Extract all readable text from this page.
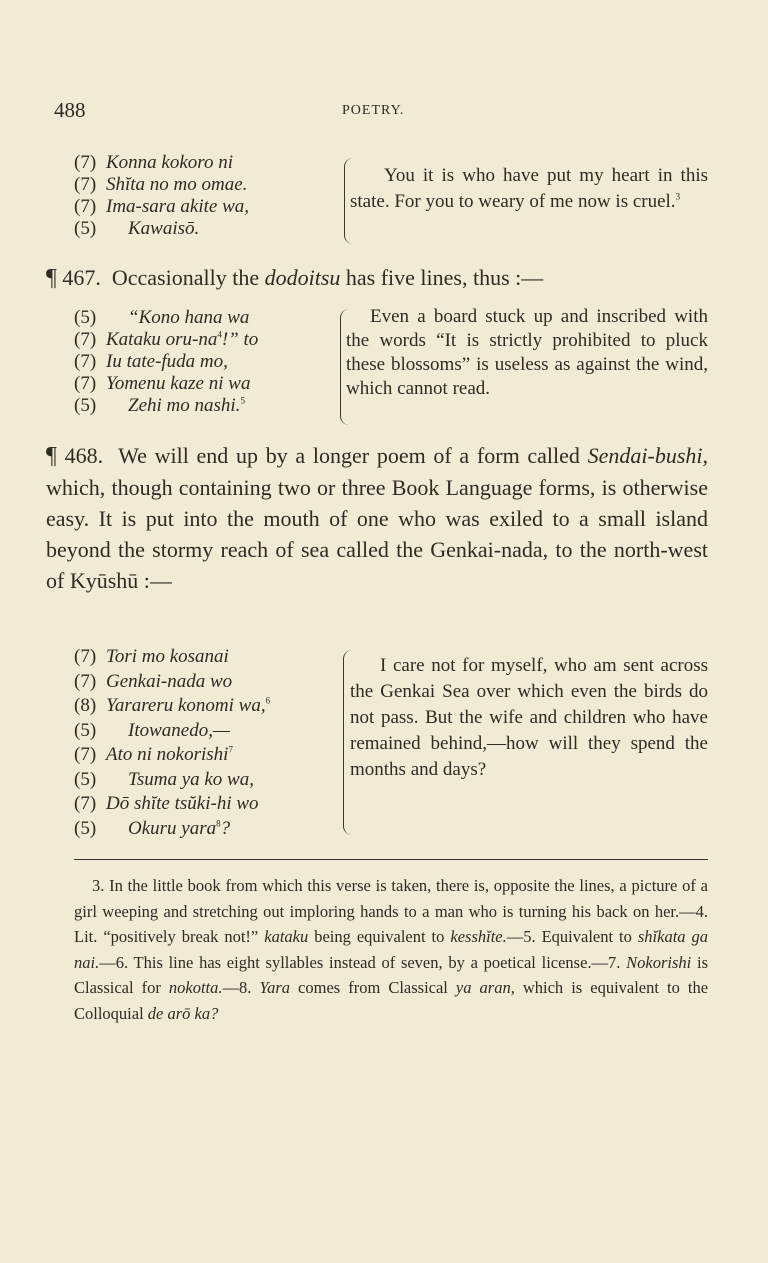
488	POETRY.
(7) Konna kokoro ni
(7) Shĭta no mo omae.
(7) Ima-sara akite wa,
(5) Kawaisō.
You it is who have put my heart in this state. For you to weary of me now is cruel.$^3$
¶ 467. Occasionally the dodoitsu has five lines, thus :—
(5) “Kono hana wa
(7) Kataku oru-$na^4$!” to
(7) Iu tate-fuda mo,
(7) Yomenu kaze ni wa
(5) Zehi mo nashi.$^5$
Even a board stuck up and inscribed with the words “It is strictly prohibited to pluck these blossoms” is useless as against the wind, which cannot read.
¶ 468. We will end up by a longer poem of a form called Sendai-bushi, which, though containing two or three Book Language forms, is otherwise easy. It is put into the mouth of one who was exiled to a small island beyond the stormy reach of sea called the Genkai-nada, to the north-west of Kyūshū :—
(7) Tori mo kosanai
(7) Genkai-nada wo
(8) Yarareru konomi wa,$^6$
(5) Itowanedo,—
(7) Ato ni nokorishi$^7$
(5) Tsuma ya ko wa,
(7) Dō shĭte tsŭki-hi wo
(5) Okuru yara$^8$?
I care not for myself, who am sent across the Genkai Sea over which even the birds do not pass. But the wife and children who have remained behind,—how will they spend the months and days?
3. In the little book from which this verse is taken, there is, opposite the lines, a picture of a girl weeping and stretching out imploring hands to a man who is turning his back on her.—4. Lit. “positively break not!” kataku being equivalent to kesshĭte.—5. Equivalent to shĭkata ga nai.—6. This line has eight syllables instead of seven, by a poetical license.—7. Nokorishi is Classical for nokotta.—8. Yara comes from Classical ya aran, which is equivalent to the Colloquial de arō ka?
